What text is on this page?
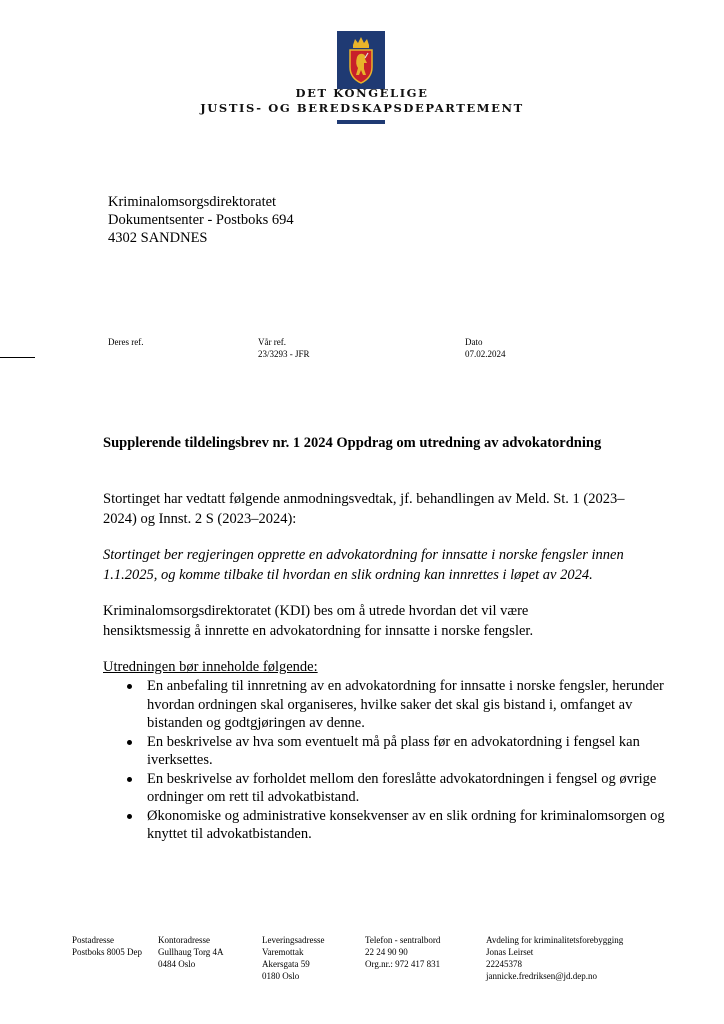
DET KONGELIGE
JUSTIS- OG BEREDSKAPSDEPARTEMENT
Kriminalomsorgsdirektoratet
Dokumentsenter - Postboks 694
4302 SANDNES
Deres ref.	Vår ref.
23/3293 - JFR
Dato
07.02.2024
Supplerende tildelingsbrev nr. 1 2024 Oppdrag om utredning av advokatordning
Stortinget har vedtatt følgende anmodningsvedtak, jf. behandlingen av Meld. St. 1 (2023–2024) og Innst. 2 S (2023–2024):
Stortinget ber regjeringen opprette en advokatordning for innsatte i norske fengsler innen 1.1.2025, og komme tilbake til hvordan en slik ordning kan innrettes i løpet av 2024.
Kriminalomsorgsdirektoratet (KDI) bes om å utrede hvordan det vil være hensiktsmessig å innrette en advokatordning for innsatte i norske fengsler.
Utredningen bør inneholde følgende:
En anbefaling til innretning av en advokatordning for innsatte i norske fengsler, herunder hvordan ordningen skal organiseres, hvilke saker det skal gis bistand i, omfanget av bistanden og godtgjøringen av denne.
En beskrivelse av hva som eventuelt må på plass før en advokatordning i fengsel kan iverksettes.
En beskrivelse av forholdet mellom den foreslåtte advokatordningen i fengsel og øvrige ordninger om rett til advokatbistand.
Økonomiske og administrative konsekvenser av en slik ordning for kriminalomsorgen og knyttet til advokatbistanden.
Postadresse
Postboks 8005 Dep
Kontoradresse
Gullhaug Torg 4A
0484 Oslo
Leveringsadresse
Varemottak
Akersgata 59
0180 Oslo
Telefon - sentralbord
22 24 90 90
Org.nr.: 972 417 831
Avdeling for kriminalitetsforebygging
Jonas Leirset
22245378
jannicke.fredriksen@jd.dep.no
